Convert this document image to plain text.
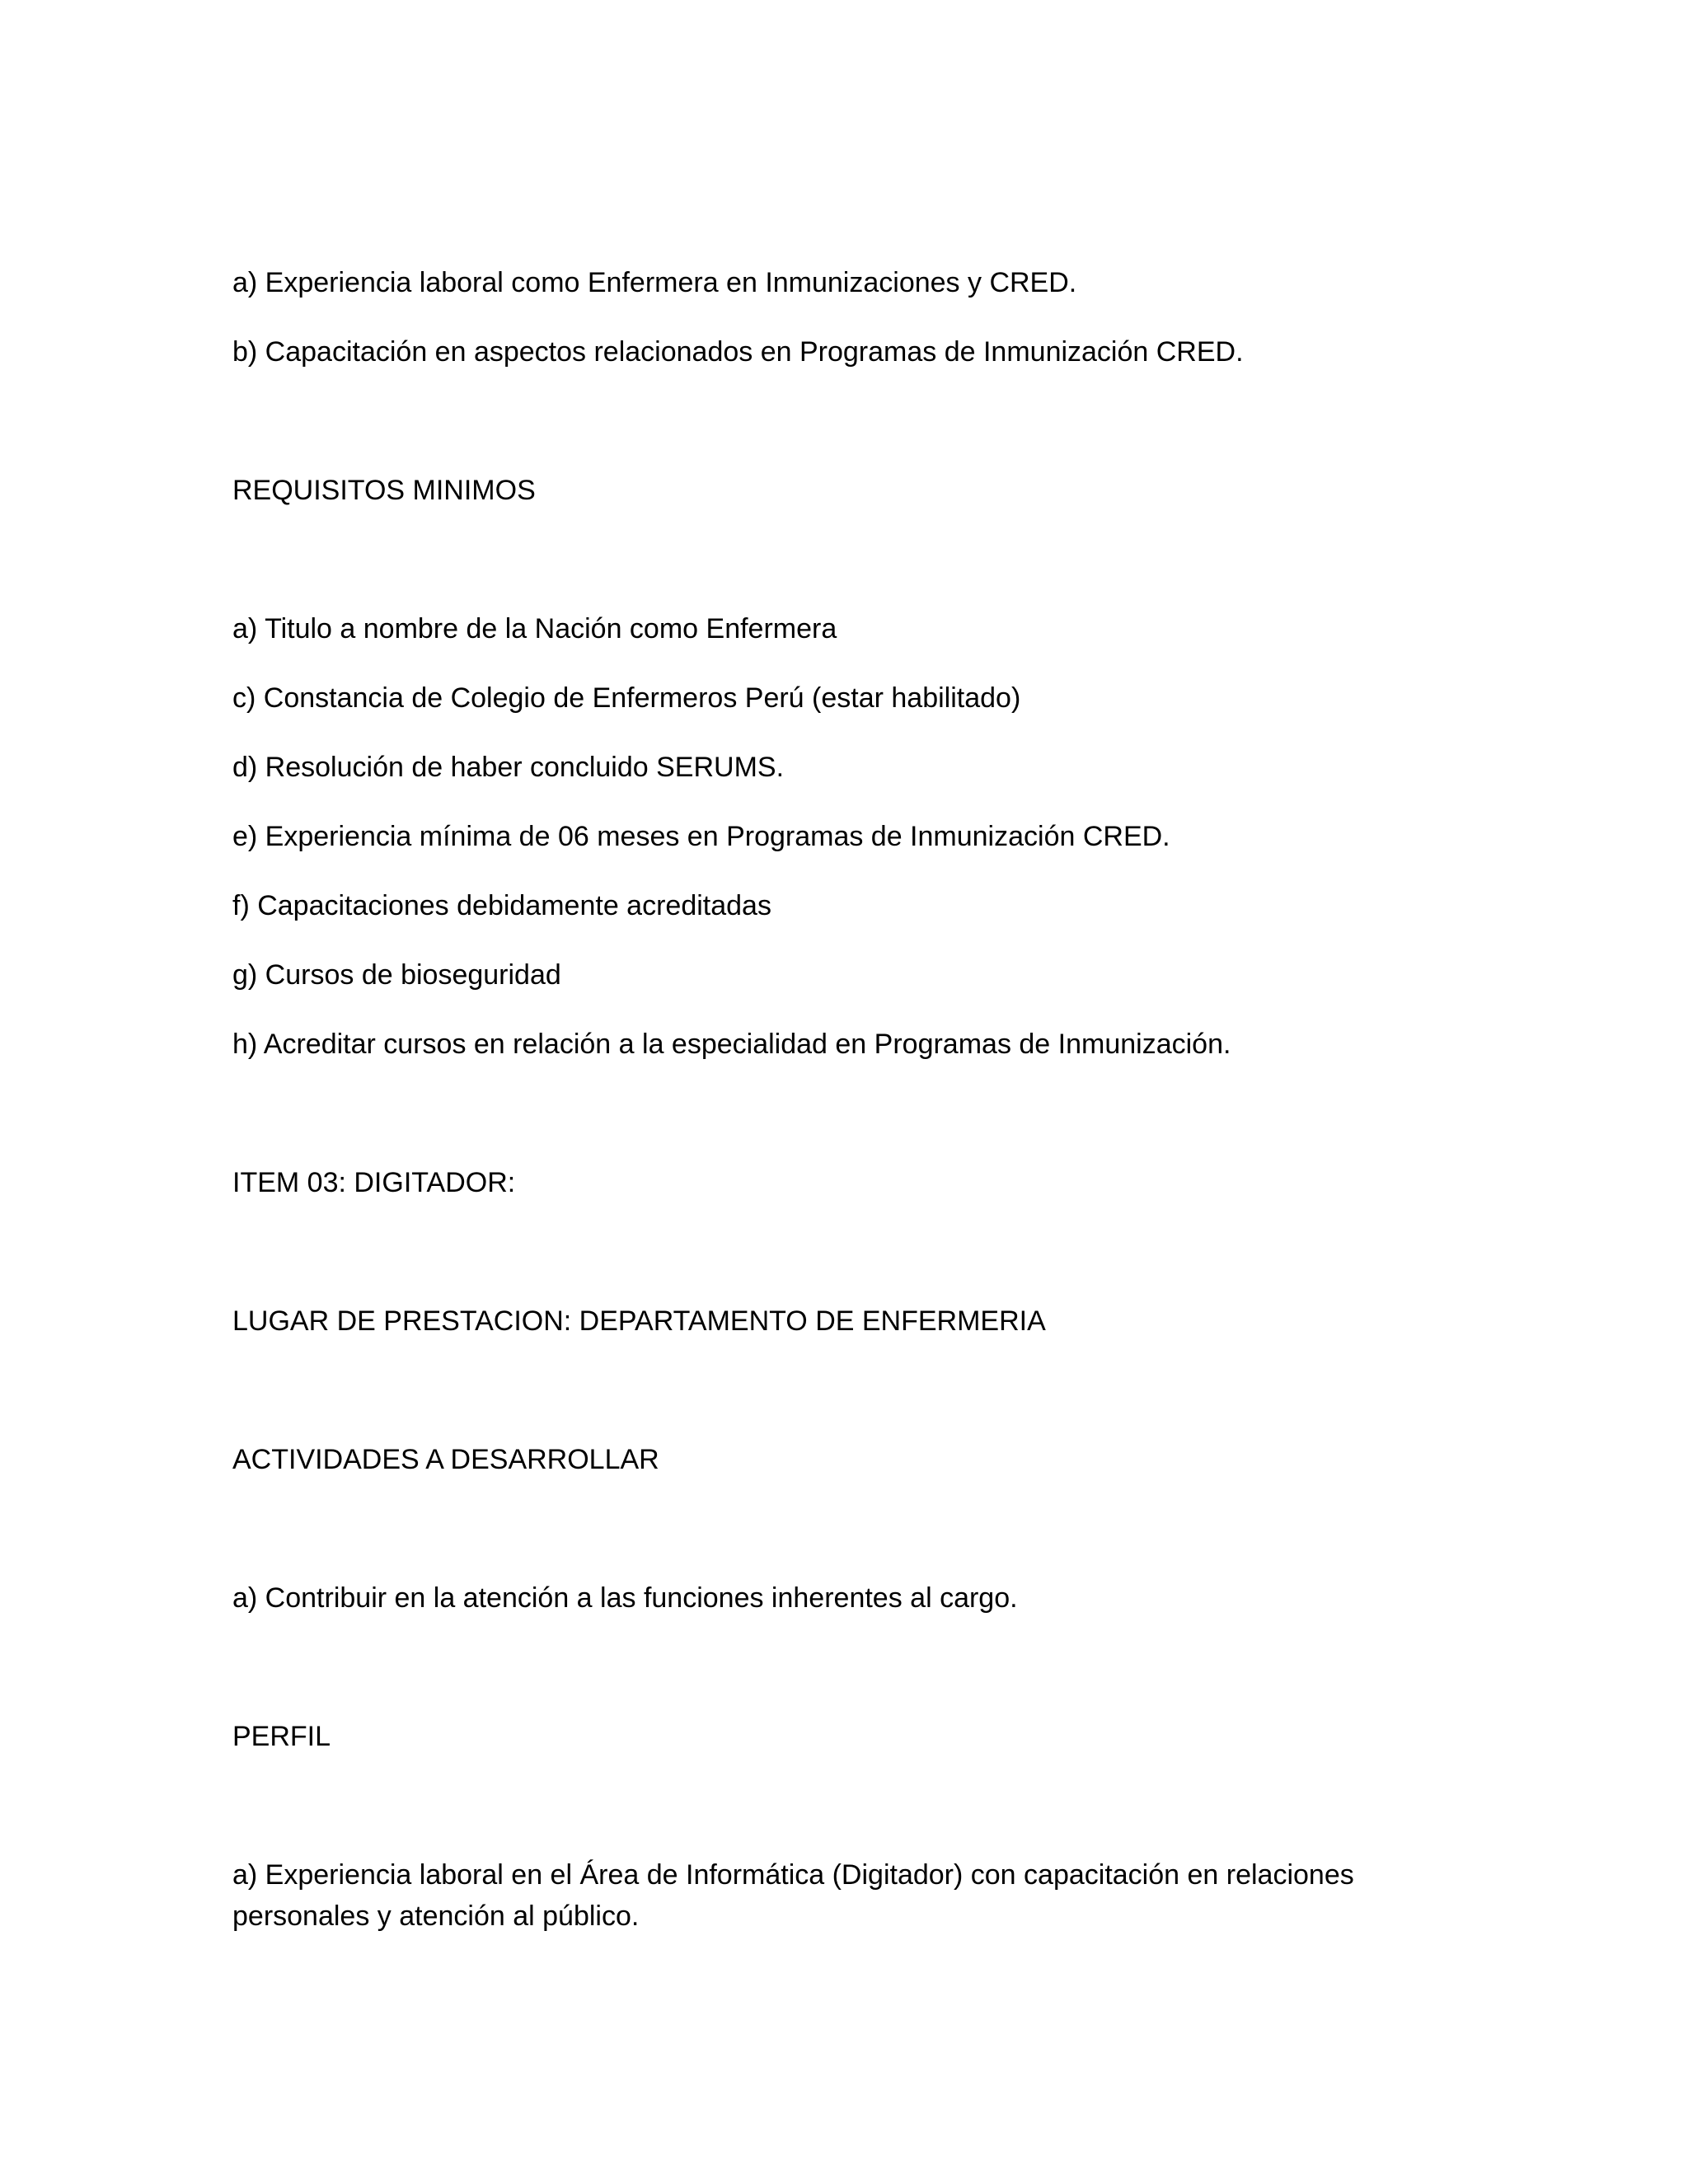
a) Experiencia laboral como Enfermera en Inmunizaciones y CRED.
b) Capacitación en aspectos relacionados en Programas de Inmunización CRED.
REQUISITOS MINIMOS
a) Titulo a nombre de la Nación como Enfermera
c) Constancia de Colegio de Enfermeros Perú (estar habilitado)
d) Resolución de haber concluido SERUMS.
e) Experiencia mínima de 06 meses en Programas de Inmunización CRED.
f) Capacitaciones debidamente acreditadas
g) Cursos de bioseguridad
h) Acreditar cursos en relación a la especialidad en Programas de Inmunización.
ITEM 03: DIGITADOR:
LUGAR DE PRESTACION: DEPARTAMENTO DE ENFERMERIA
ACTIVIDADES A DESARROLLAR
a) Contribuir en la atención a las funciones inherentes al cargo.
PERFIL
a) Experiencia laboral en el Área de Informática (Digitador) con capacitación en relaciones
personales y atención al público.
